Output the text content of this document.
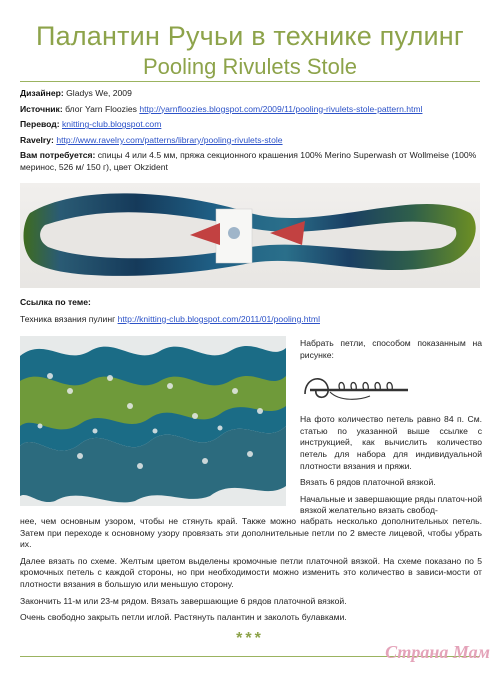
Палантин Ручьи в технике пулинг
Pooling Rivulets Stole

Дизайнер: Gladys We, 2009

Источник: блог Yarn Floozies http://yarnfloozies.blogspot.com/2009/11/pooling-rivulets-stole-pattern.html

Перевод: knitting-club.blogspot.com

Ravelry: http://www.ravelry.com/patterns/library/pooling-rivulets-stole

Вам потребуется: спицы 4 или 4.5 мм, пряжа секционного крашения 100% Merino Superwash от Wollmeise (100% меринос, 526 м/ 150 г), цвет Okzident

Ссылка по теме:

Техника вязания пулинг http://knitting-club.blogspot.com/2011/01/pooling.html

Набрать петли, способом показанным на рисунке:

На фото количество петель равно 84 п. См. статью по указанной выше ссылке с инструкцией, как вычислить количество петель для набора для индивидуальной плотности вязания и пряжи.

Вязать 6 рядов платочной вязкой.

Начальные и завершающие ряды платоч-ной вязкой желательно вязать свобод-

нее, чем основным узором, чтобы не стянуть край. Также можно набрать несколько дополнительных петель. Затем при переходе к основному узору провязать эти дополнительные петли по 2 вместе лицевой, чтобы убрать их.

Далее вязать по схеме. Желтым цветом выделены кромочные петли платочной вязкой. На схеме показано по 5 кромочных петель с каждой стороны, но при необходимости можно изменить это количество в зависи-мости от плотности вязания в большую или меньшую сторону.

Закончить 11-м или 23-м рядом. Вязать завершающие 6 рядов платочной вязкой.

Очень свободно закрыть петли иглой. Растянуть палантин и заколоть булавками.

***
Страна Мам
